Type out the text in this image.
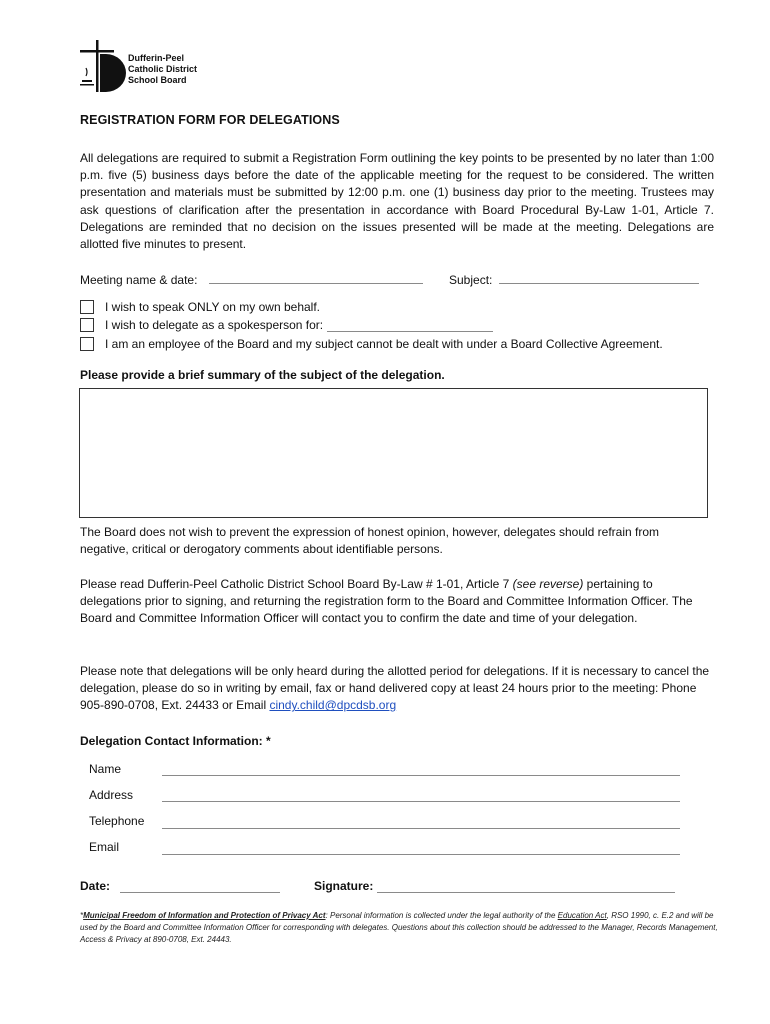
Dufferin-Peel
Catholic District
School Board
REGISTRATION FORM FOR DELEGATIONS
All delegations are required to submit a Registration Form outlining the key points to be presented by no later than 1:00 p.m. five (5) business days before the date of the applicable meeting for the request to be considered. The written presentation and materials must be submitted by 12:00 p.m. one (1) business day prior to the meeting. Trustees may ask questions of clarification after the presentation in accordance with Board Procedural By-Law 1-01, Article 7. Delegations are reminded that no decision on the issues presented will be made at the meeting. Delegations are allotted five minutes to present.
Meeting name & date:	Subject:
I wish to speak ONLY on my own behalf.
I wish to delegate as a spokesperson for:
I am an employee of the Board and my subject cannot be dealt with under a Board Collective Agreement.
Please provide a brief summary of the subject of the delegation.
The Board does not wish to prevent the expression of honest opinion, however, delegates should refrain from negative, critical or derogatory comments about identifiable persons.
Please read Dufferin-Peel Catholic District School Board By-Law # 1-01, Article 7 (see reverse) pertaining to delegations prior to signing, and returning the registration form to the Board and Committee Information Officer. The Board and Committee Information Officer will contact you to confirm the date and time of your delegation.
Please note that delegations will be only heard during the allotted period for delegations. If it is necessary to cancel the delegation, please do so in writing by email, fax or hand delivered copy at least 24 hours prior to the meeting: Phone 905-890-0708, Ext. 24433 or Email cindy.child@dpcdsb.org
Delegation Contact Information: *
Name
Address
Telephone
Email
Date:	Signature:
*Municipal Freedom of Information and Protection of Privacy Act: Personal information is collected under the legal authority of the Education Act, RSO 1990, c. E.2 and will be used by the Board and Committee Information Officer for corresponding with delegates. Questions about this collection should be addressed to the Manager, Records Management, Access & Privacy at 890-0708, Ext. 24443.
